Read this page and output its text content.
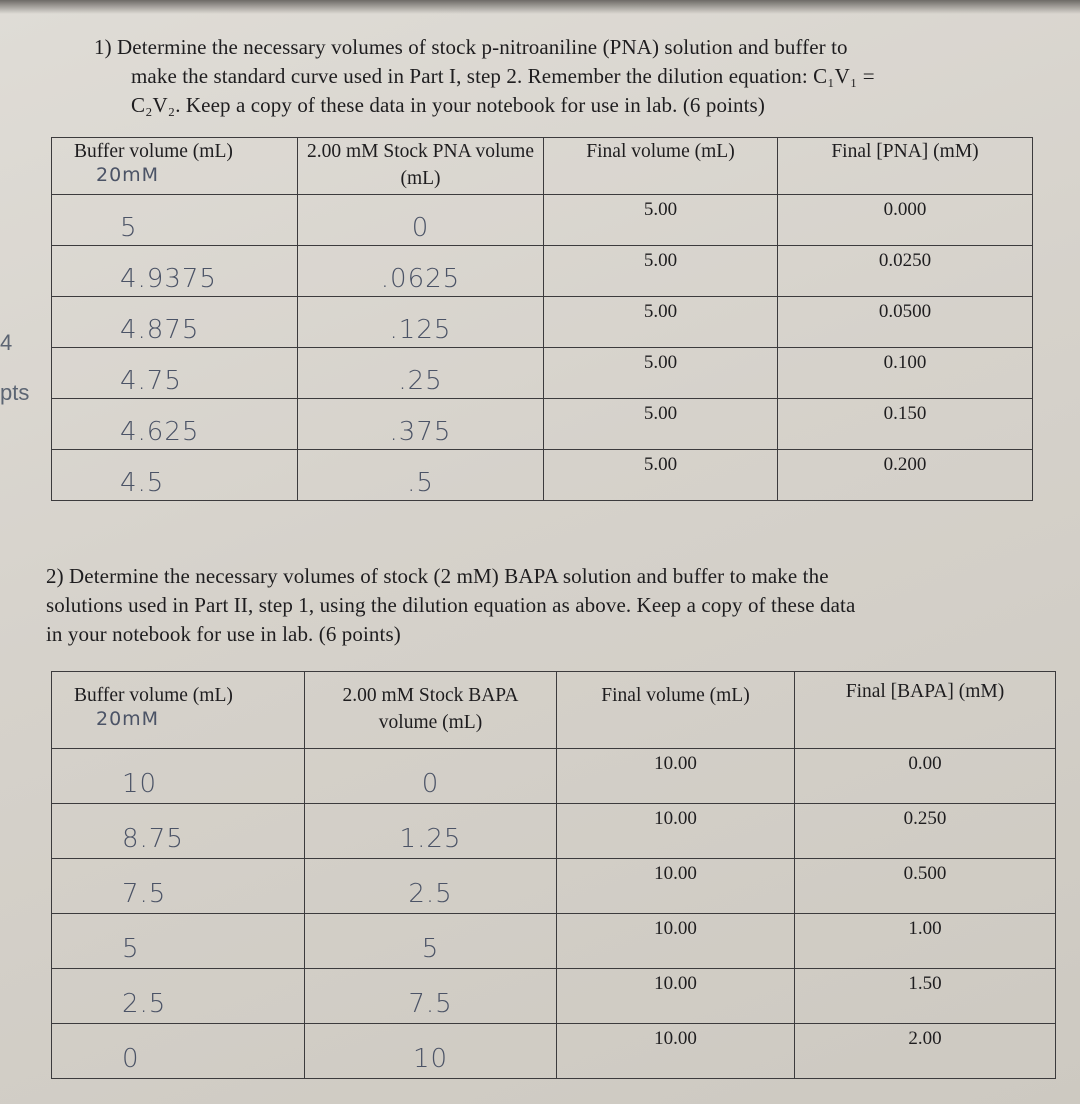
4
pts
1) Determine the necessary volumes of stock p-nitroaniline (PNA) solution and buffer to
make the standard curve used in Part I, step 2. Remember the dilution equation: C₁V₁ =
C₂V₂. Keep a copy of these data in your notebook for use in lab. (6 points)
Buffer volume (mL)
20mM	2.00 mM Stock PNA volume (mL)	Final volume (mL)	Final [PNA] (mM)

5	0	5.00	0.000

4.9375	.0625	5.00	0.0250

4.875	.125	5.00	0.0500

4.75	.25	5.00	0.100

4.625	.375	5.00	0.150

4.5	.5	5.00	0.200
2) Determine the necessary volumes of stock (2 mM) BAPA solution and buffer to make the
solutions used in Part II, step 1, using the dilution equation as above. Keep a copy of these data
in your notebook for use in lab. (6 points)
Buffer volume (mL)
20mM	2.00 mM Stock BAPA volume (mL)	Final volume (mL)	Final [BAPA] (mM)

10	0	10.00	0.00

8.75	1.25	10.00	0.250

7.5	2.5	10.00	0.500

5	5	10.00	1.00

2.5	7.5	10.00	1.50

0	10	10.00	2.00
